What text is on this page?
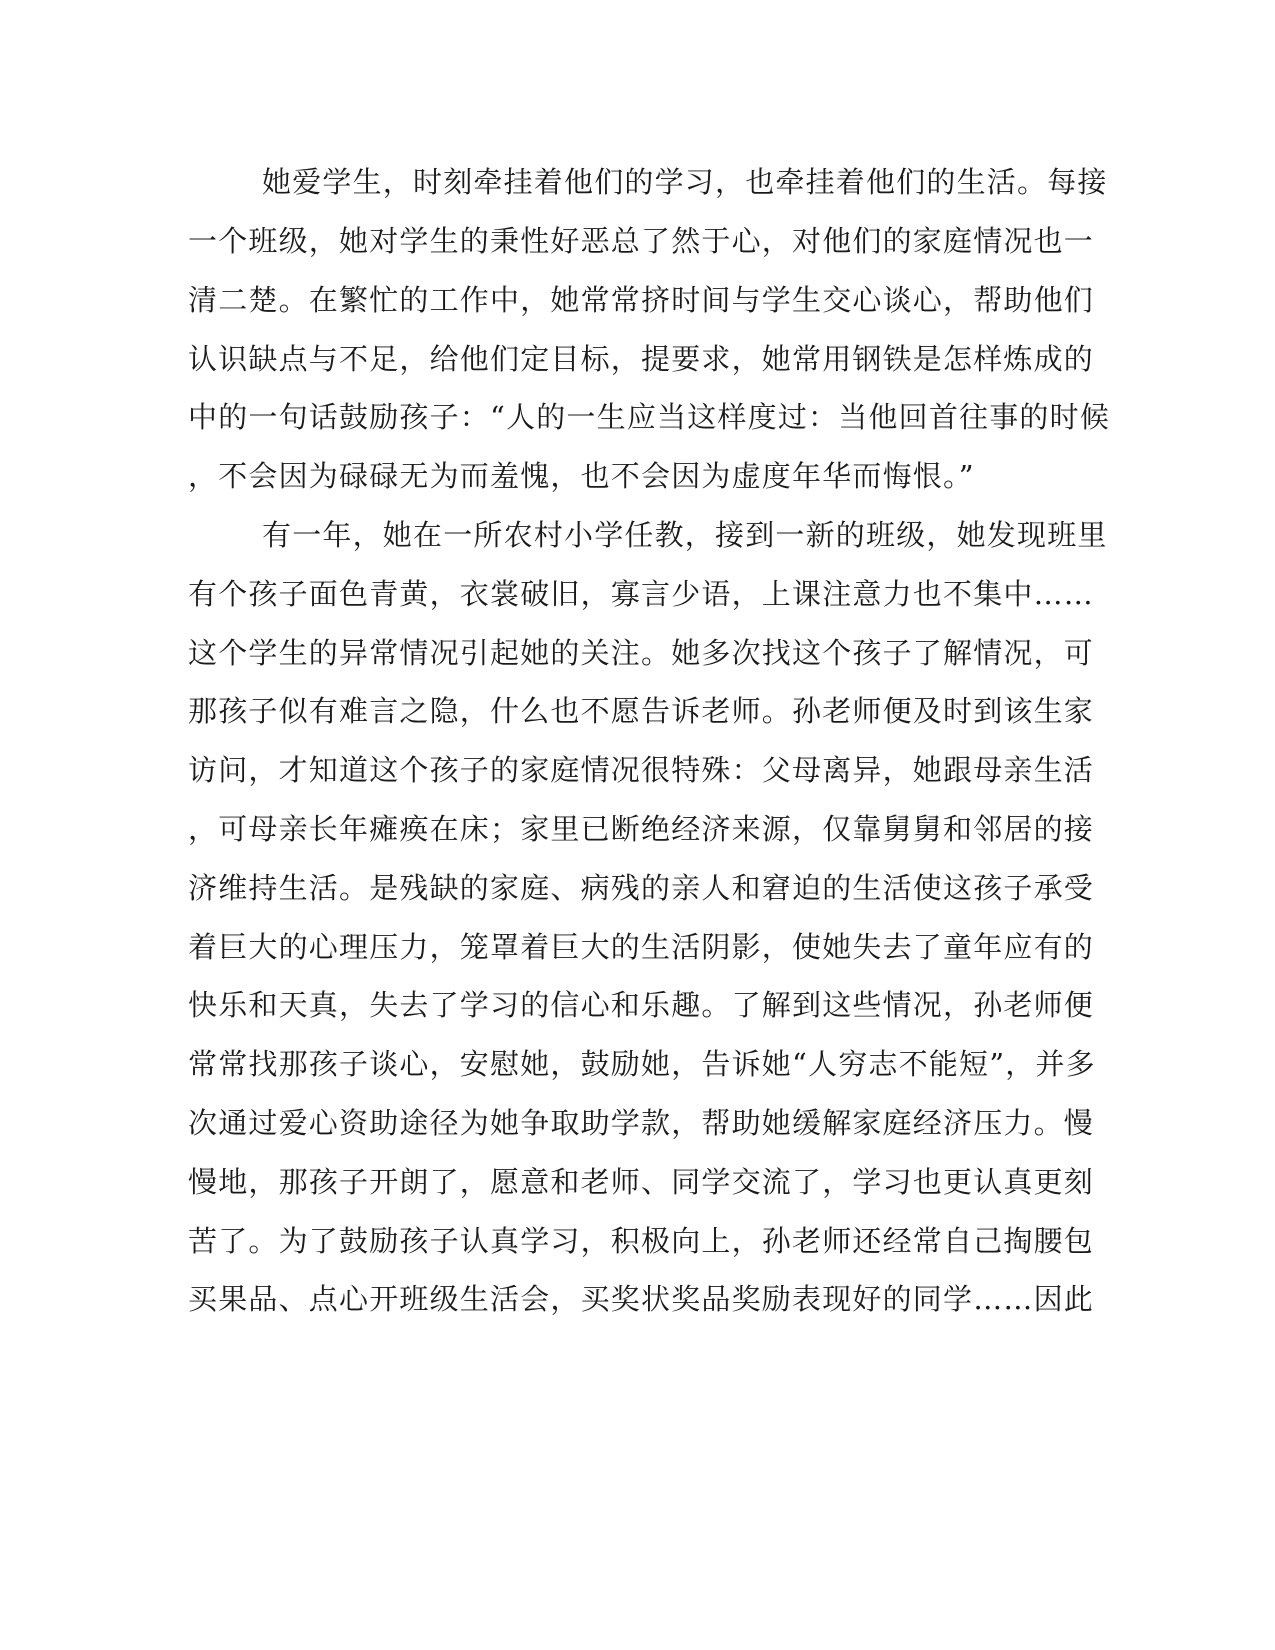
她爱学生，时刻牵挂着他们的学习，也牵挂着他们的生活。每接
一个班级，她对学生的秉性好恶总了然于心，对他们的家庭情况也一
清二楚。在繁忙的工作中，她常常挤时间与学生交心谈心，帮助他们
认识缺点与不足，给他们定目标，提要求，她常用钢铁是怎样炼成的
中的一句话鼓励孩子：“人的一生应当这样度过：当他回首往事的时候
，不会因为碌碌无为而羞愧，也不会因为虚度年华而悔恨。”
有一年，她在一所农村小学任教，接到一新的班级，她发现班里
有个孩子面色青黄，衣裳破旧，寡言少语，上课注意力也不集中……
这个学生的异常情况引起她的关注。她多次找这个孩子了解情况，可
那孩子似有难言之隐，什么也不愿告诉老师。孙老师便及时到该生家
访问，才知道这个孩子的家庭情况很特殊：父母离异，她跟母亲生活
，可母亲长年瘫痪在床；家里已断绝经济来源，仅靠舅舅和邻居的接
济维持生活。是残缺的家庭、病残的亲人和窘迫的生活使这孩子承受
着巨大的心理压力，笼罩着巨大的生活阴影，使她失去了童年应有的
快乐和天真，失去了学习的信心和乐趣。了解到这些情况，孙老师便
常常找那孩子谈心，安慰她，鼓励她，告诉她“人穷志不能短”，并多
次通过爱心资助途径为她争取助学款，帮助她缓解家庭经济压力。慢
慢地，那孩子开朗了，愿意和老师、同学交流了，学习也更认真更刻
苦了。为了鼓励孩子认真学习，积极向上，孙老师还经常自己掏腰包
买果品、点心开班级生活会，买奖状奖品奖励表现好的同学……因此
